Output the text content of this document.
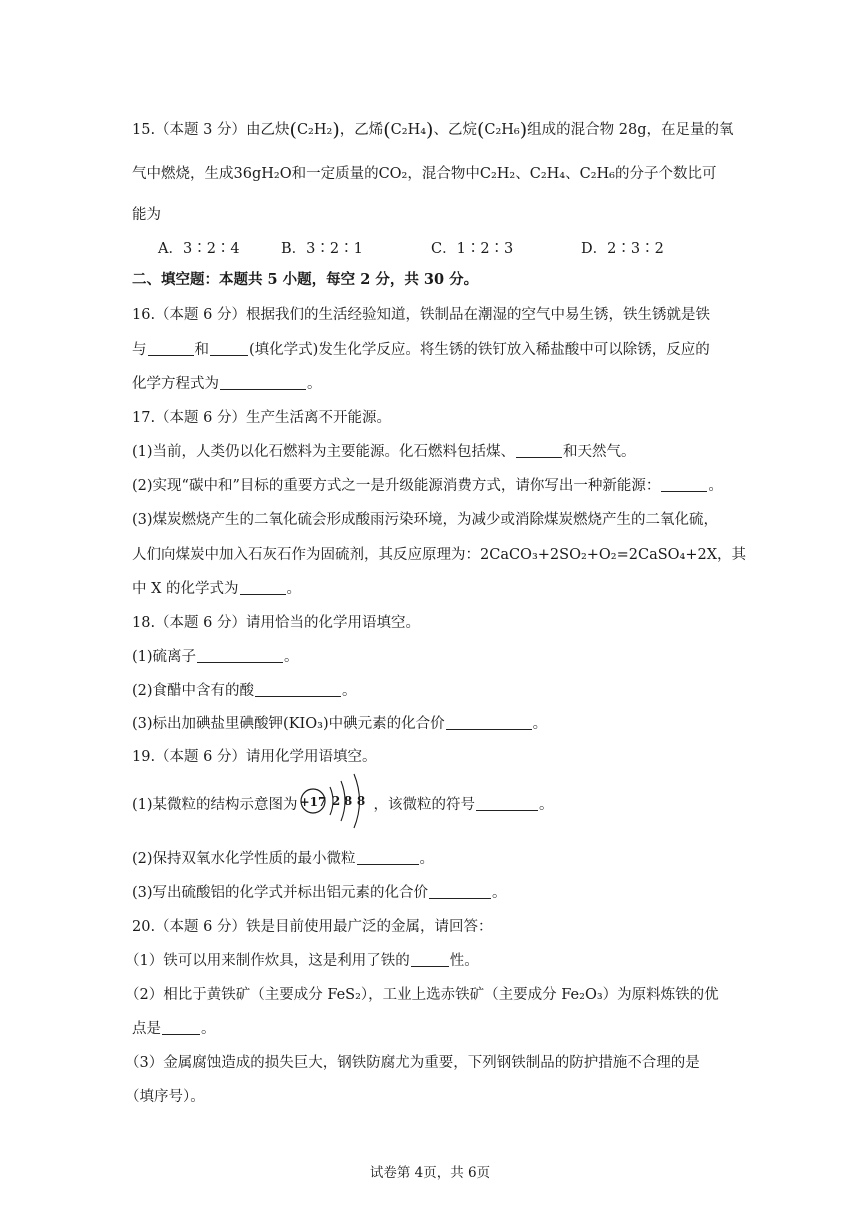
15.（本题 3 分）由乙炔(C₂H₂)，乙烯(C₂H₄)、乙烷(C₂H₆)组成的混合物 28g，在足量的氧
气中燃烧，生成36gH₂O和一定质量的CO₂，混合物中C₂H₂、C₂H₄、C₂H₆的分子个数比可
能为
A．3∶2∶4	B．3∶2∶1	C．1∶2∶3	D．2∶3∶2
二、填空题：本题共 5 小题，每空 2 分，共 30 分。
16.（本题 6 分）根据我们的生活经验知道，铁制品在潮湿的空气中易生锈，铁生锈就是铁
与	和	(填化学式)发生化学反应。将生锈的铁钉放入稀盐酸中可以除锈，反应的
化学方程式为	。
17.（本题 6 分）生产生活离不开能源。
(1)当前，人类仍以化石燃料为主要能源。化石燃料包括煤、	和天然气。
(2)实现“碳中和”目标的重要方式之一是升级能源消费方式，请你写出一种新能源：	。
(3)煤炭燃烧产生的二氧化硫会形成酸雨污染环境，为减少或消除煤炭燃烧产生的二氧化硫，
人们向煤炭中加入石灰石作为固硫剂，其反应原理为：2CaCO₃+2SO₂+O₂=2CaSO₄+2X，其
中 X 的化学式为	。
18.（本题 6 分）请用恰当的化学用语填空。
(1)硫离子	。
(2)食醋中含有的酸	。
(3)标出加碘盐里碘酸钾(KIO₃)中碘元素的化合价	。
19.（本题 6 分）请用化学用语填空。
(1)某微粒的结构示意图为	，该微粒的符号	。
+17 2 8 8
(2)保持双氧水化学性质的最小微粒	。
(3)写出硫酸铝的化学式并标出铝元素的化合价	。
20.（本题 6 分）铁是目前使用最广泛的金属，请回答：
（1）铁可以用来制作炊具，这是利用了铁的	性。
（2）相比于黄铁矿（主要成分 FeS₂），工业上选赤铁矿（主要成分 Fe₂O₃）为原料炼铁的优
点是	。
（3）金属腐蚀造成的损失巨大，钢铁防腐尤为重要，下列钢铁制品的防护措施不合理的是
（填序号）。
试卷第 4页，共 6页
